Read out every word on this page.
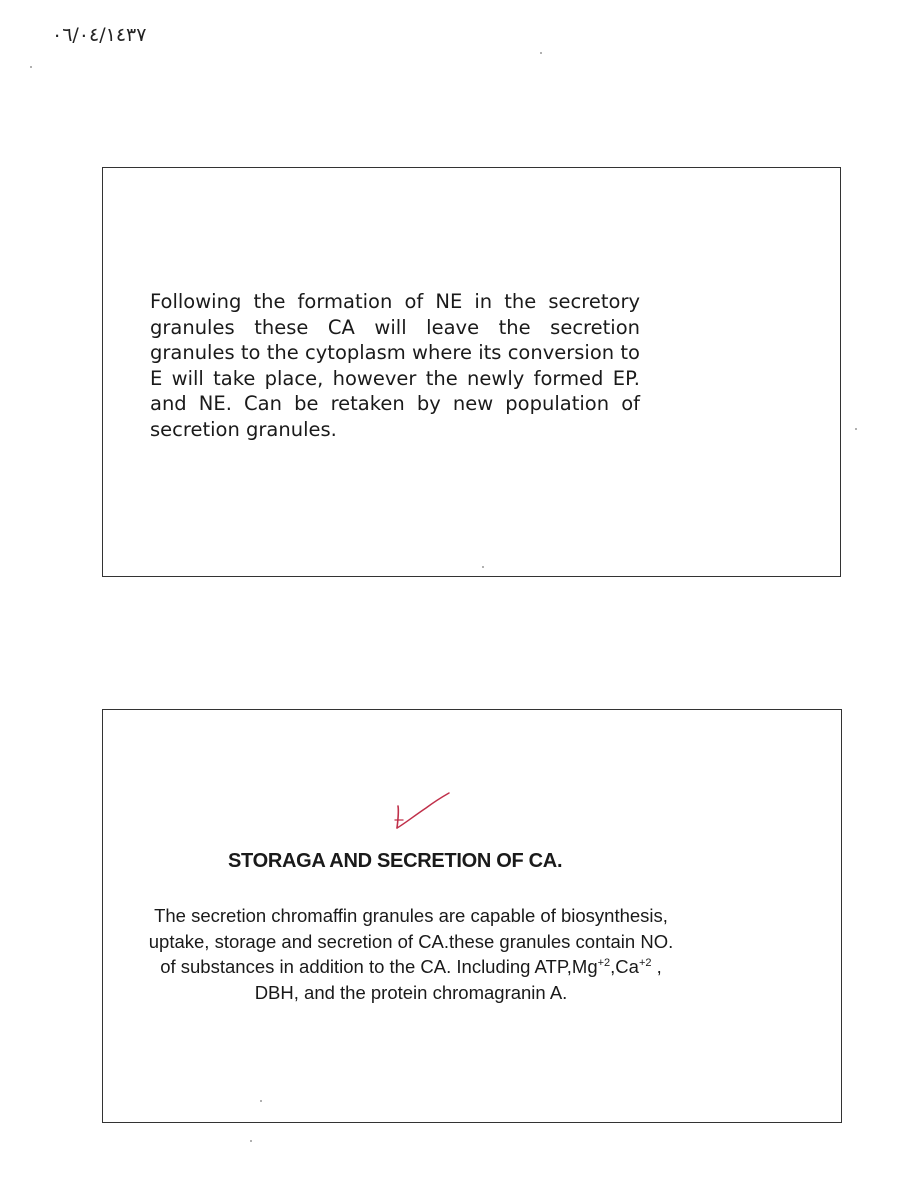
٠٦/٠٤/١٤٣٧
Following the formation of NE in the secretory granules these CA will leave the secretion granules to the cytoplasm where its conversion to E will take place, however the newly formed EP. and NE. Can be retaken by new population of secretion granules.
STORAGA AND SECRETION OF CA.
The secretion chromaffin granules are capable of biosynthesis,
uptake, storage and secretion of CA.these granules contain NO.
of substances in addition to the CA. Including $ATP,Mg^{+2},Ca^{+2}$ ,
DBH, and the protein chromagranin A.
